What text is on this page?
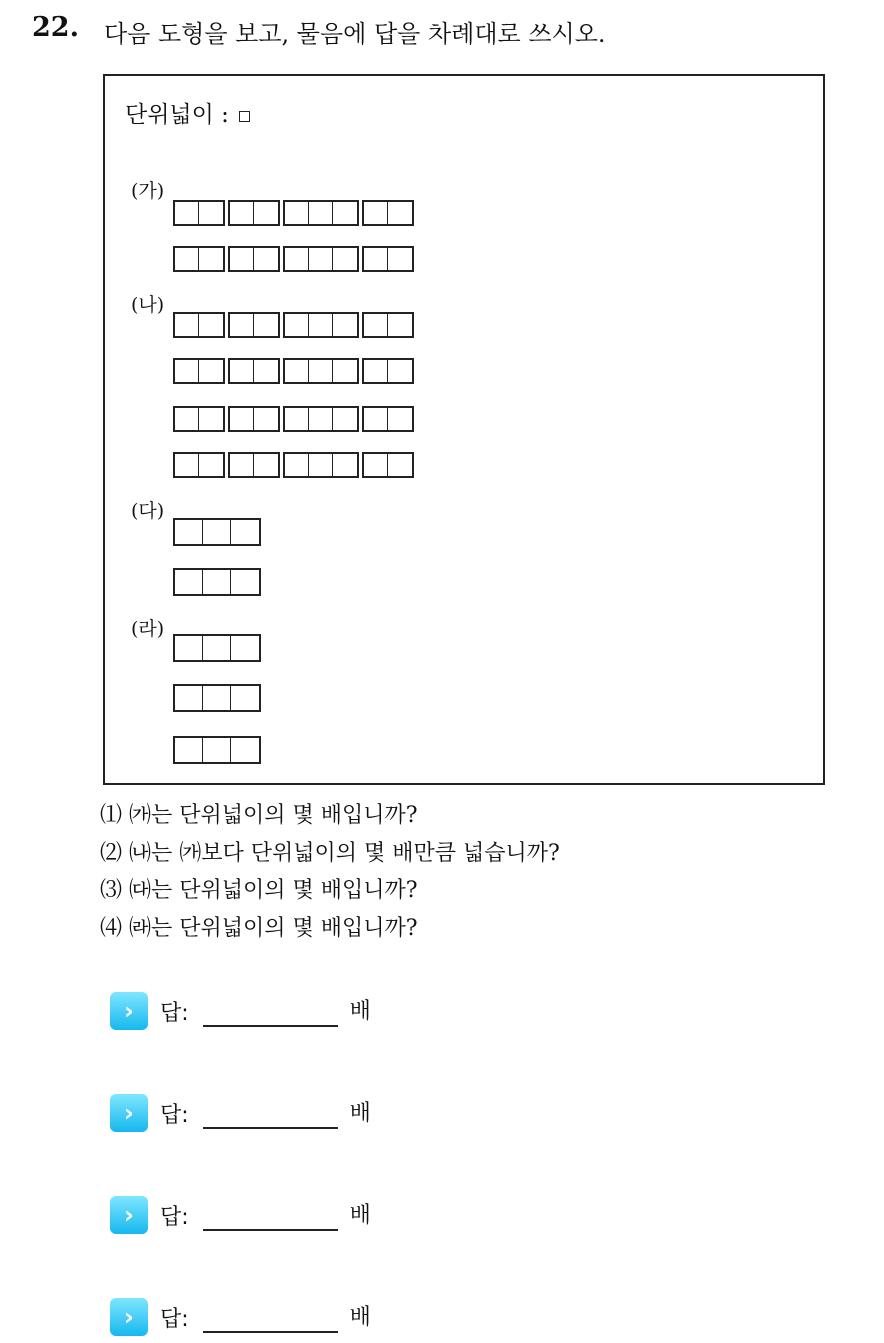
22. 다음 도형을 보고, 물음에 답을 차례대로 쓰시오.
단위넓이 :
(가)
(나)
(다)
(라)
⑴ ㈎는 단위넓이의 몇 배입니까?
⑵ ㈏는 ㈎보다 단위넓이의 몇 배만큼 넓습니까?
⑶ ㈐는 단위넓이의 몇 배입니까?
⑷ ㈑는 단위넓이의 몇 배입니까?
›	답:	배
›	답:	배
›	답:	배
›	답:	배
